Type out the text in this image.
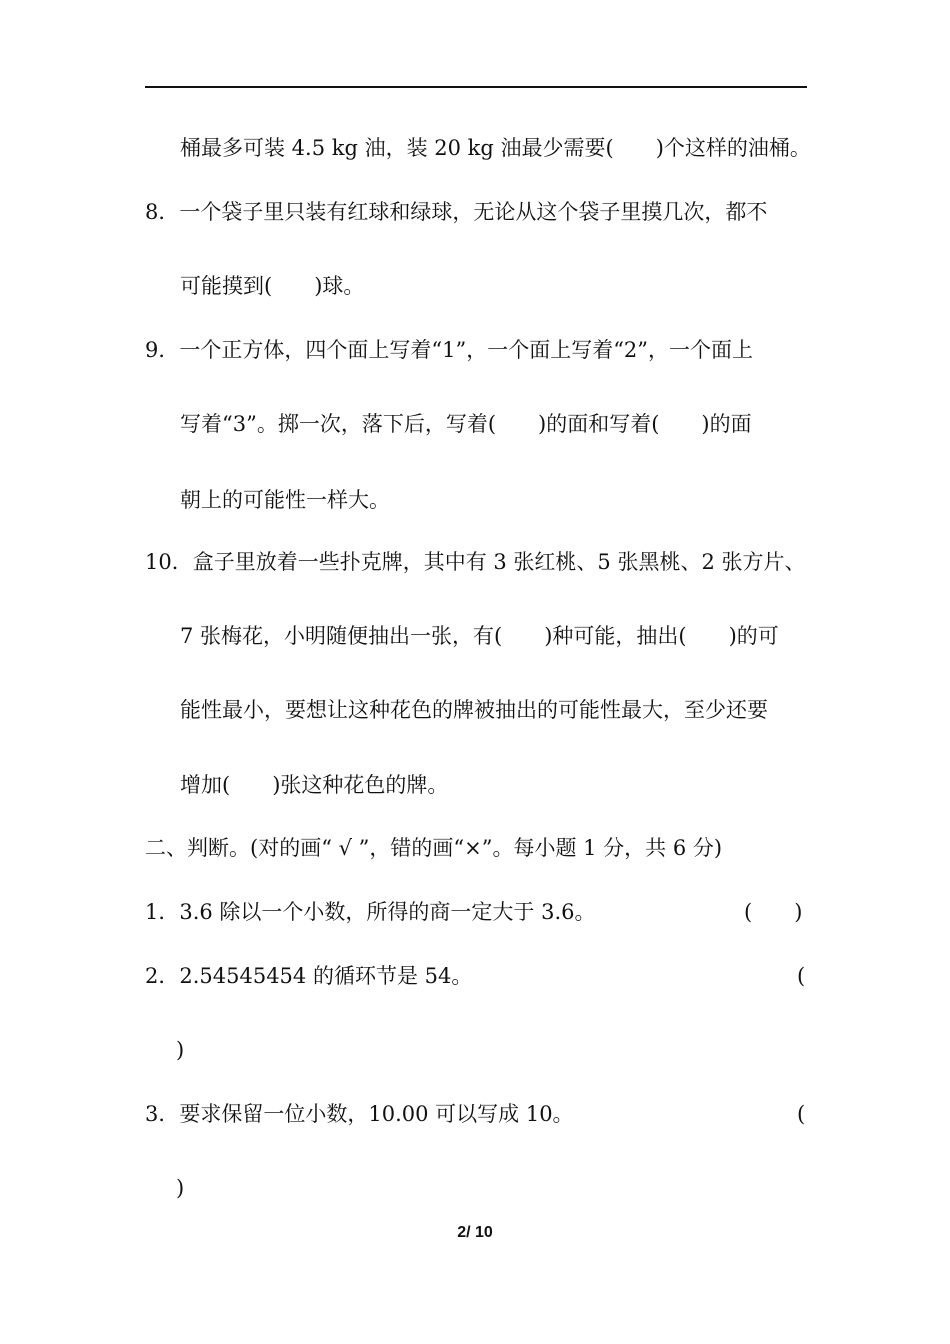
桶最多可装 4.5 kg 油，装 20 kg 油最少需要(　　)个这样的油桶。
8．一个袋子里只装有红球和绿球，无论从这个袋子里摸几次，都不
可能摸到(　　)球。
9．一个正方体，四个面上写着“1”，一个面上写着“2”，一个面上
写着“3”。掷一次，落下后，写着(　　)的面和写着(　　)的面
朝上的可能性一样大。
10．盒子里放着一些扑克牌，其中有 3 张红桃、5 张黑桃、2 张方片、
7 张梅花，小明随便抽出一张，有(　　)种可能，抽出(　　)的可
能性最小，要想让这种花色的牌被抽出的可能性最大，至少还要
增加(　　)张这种花色的牌。
二、判断。(对的画“ √ ”，错的画“×”。每小题 1 分，共 6 分)
1．3.6 除以一个小数，所得的商一定大于 3.6。	(　　)
2．2.54545454 的循环节是 54。	(
)
3．要求保留一位小数，10.00 可以写成 10。	(
)
2/ 10
